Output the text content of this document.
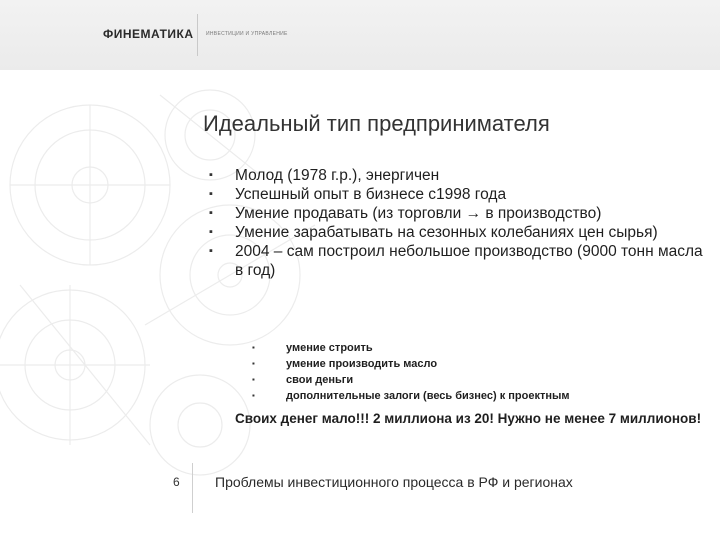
ФИНЕМАТИКА ИНВЕСТИЦИИ И УПРАВЛЕНИЕ
Идеальный тип предпринимателя
▪ Молод (1978 г.р.), энергичен
▪ Успешный опыт в бизнесе с1998 года
▪ Умение продавать (из торговли → в производство)
▪ Умение зарабатывать на сезонных колебаниях цен сырья)
▪ 2004 – сам построил небольшое производство (9000 тонн масла в год)
▪	умение строить
▪	умение производить масло
▪	свои деньги
▪	дополнительные залоги (весь бизнес) к проектным
Своих денег мало!!! 2 миллиона из 20! Нужно не менее 7 миллионов!
6	Проблемы инвестиционного процесса в РФ и регионах
